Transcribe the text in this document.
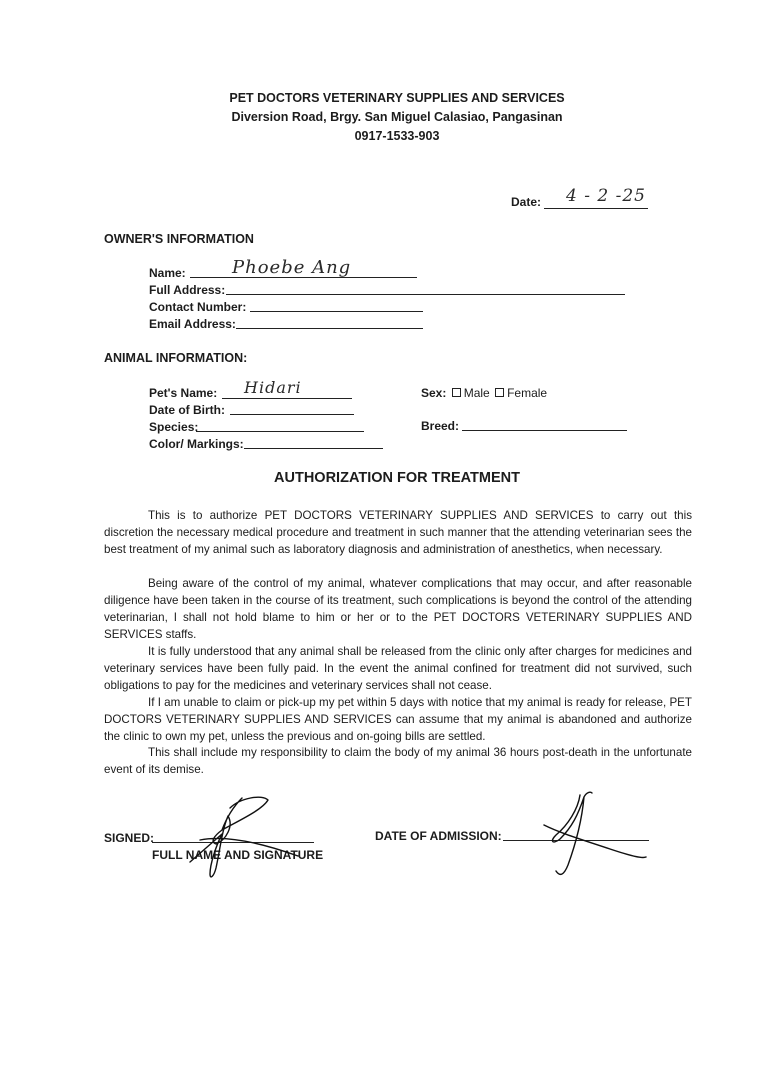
PET DOCTORS VETERINARY SUPPLIES AND SERVICES
Diversion Road, Brgy. San Miguel Calasiao, Pangasinan
0917-1533-903
Date: 4 - 2 -25
OWNER'S INFORMATION
Name:	Phoebe Ang
Full Address:
Contact Number:
Email Address:
ANIMAL INFORMATION:
Pet's Name: Hidari
Date of Birth:
Species:
Color/ Markings:
Sex: Male Female
Breed:
AUTHORIZATION FOR TREATMENT

This is to authorize PET DOCTORS VETERINARY SUPPLIES AND SERVICES to carry out this discretion the necessary medical procedure and treatment in such manner that the attending veterinarian sees the best treatment of my animal such as laboratory diagnosis and administration of anesthetics, when necessary.

Being aware of the control of my animal, whatever complications that may occur, and after reasonable diligence have been taken in the course of its treatment, such complications is beyond the control of the attending veterinarian, I shall not hold blame to him or her or to the PET DOCTORS VETERINARY SUPPLIES AND SERVICES staffs.

It is fully understood that any animal shall be released from the clinic only after charges for medicines and veterinary services have been fully paid. In the event the animal confined for treatment did not survived, such obligations to pay for the medicines and veterinary services shall not cease.

If I am unable to claim or pick-up my pet within 5 days with notice that my animal is ready for release, PET DOCTORS VETERINARY SUPPLIES AND SERVICES can assume that my animal is abandoned and authorize the clinic to own my pet, unless the previous and on-going bills are settled.

This shall include my responsibility to claim the body of my animal 36 hours post-death in the unfortunate event of its demise.

SIGNED:
FULL NAME AND SIGNATURE
DATE OF ADMISSION:
